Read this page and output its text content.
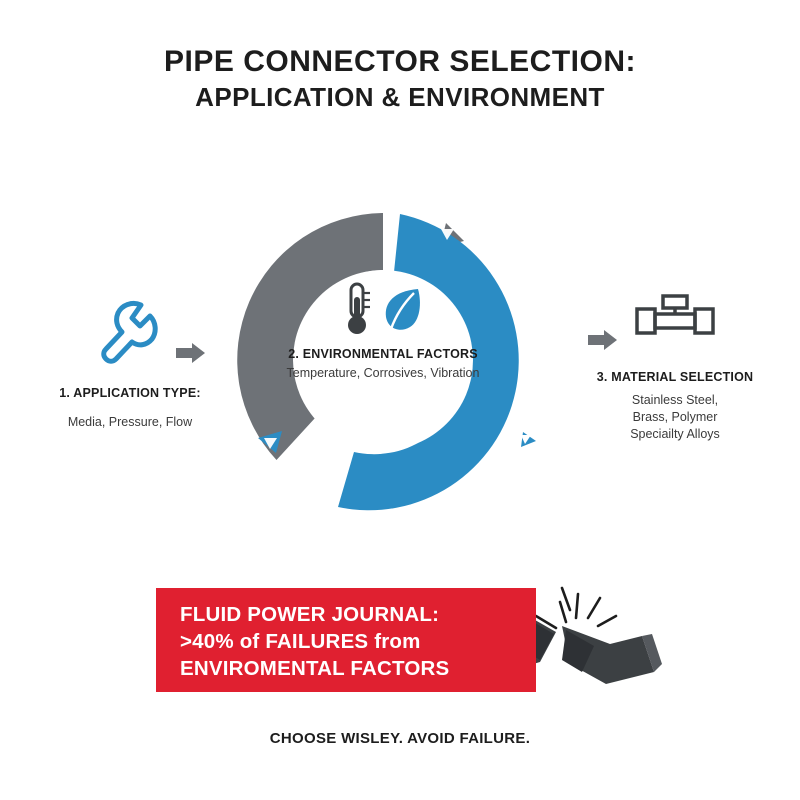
PIPE CONNECTOR SELECTION:
APPLICATION & ENVIRONMENT
2. ENVIRONMENTAL FACTORS
Temperature, Corrosives, Vibration
1. APPLICATION TYPE:
Media, Pressure, Flow
3. MATERIAL SELECTION
Stainless Steel,
Brass, Polymer
Speciailty Alloys
FLUID POWER JOURNAL:
>40% of FAILURES from
ENVIROMENTAL FACTORS
CHOOSE WISLEY. AVOID FAILURE.
